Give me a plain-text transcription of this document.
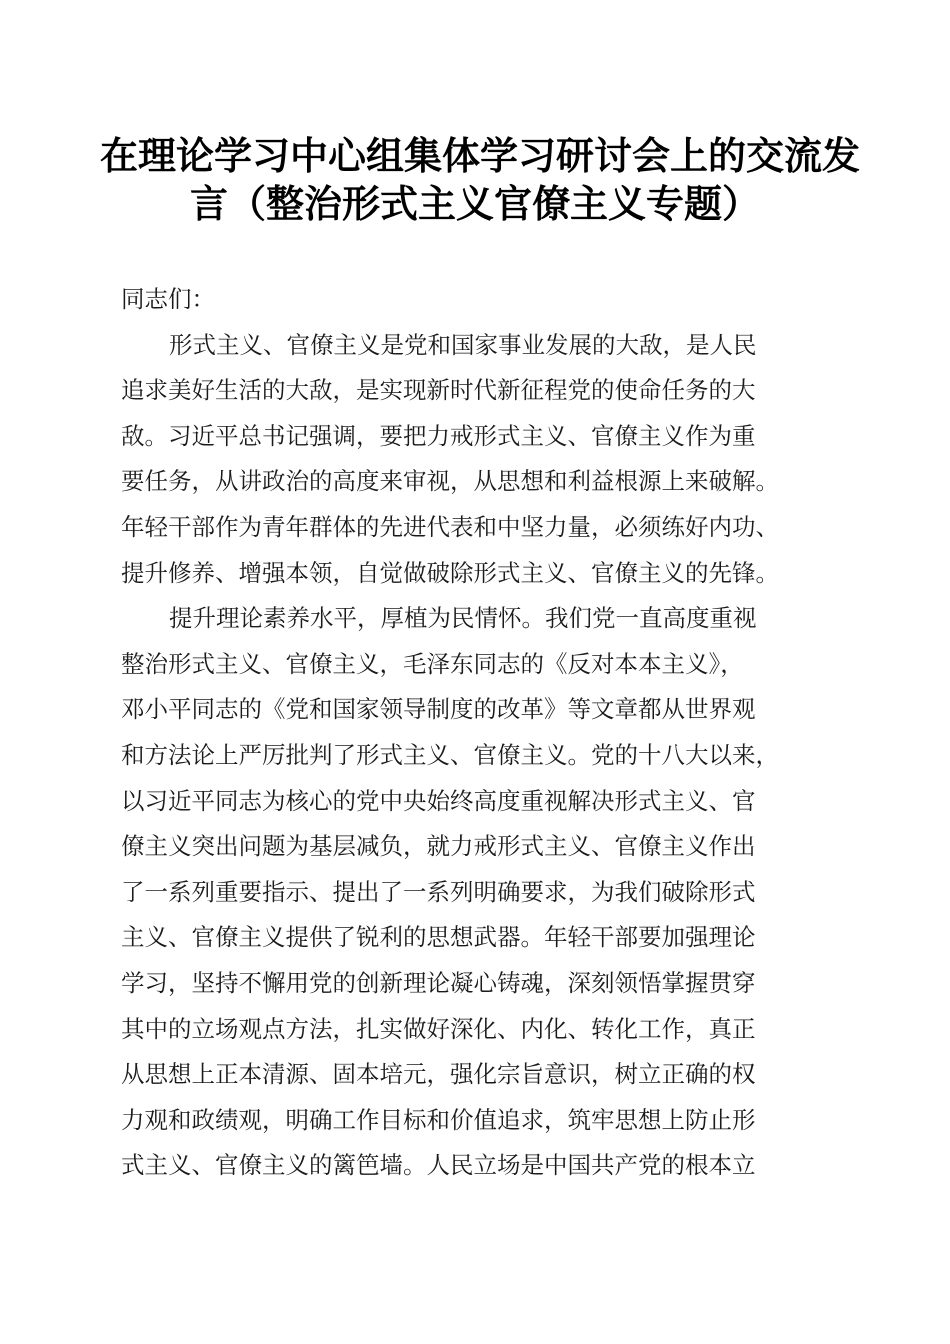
在理论学习中心组集体学习研讨会上的交流发
言（整治形式主义官僚主义专题）
同志们：
形式主义、官僚主义是党和国家事业发展的大敌，是人民
追求美好生活的大敌，是实现新时代新征程党的使命任务的大
敌。习近平总书记强调，要把力戒形式主义、官僚主义作为重
要任务，从讲政治的高度来审视，从思想和利益根源上来破解。
年轻干部作为青年群体的先进代表和中坚力量，必须练好内功、
提升修养、增强本领，自觉做破除形式主义、官僚主义的先锋。
提升理论素养水平，厚植为民情怀。我们党一直高度重视
整治形式主义、官僚主义，毛泽东同志的《反对本本主义》，
邓小平同志的《党和国家领导制度的改革》等文章都从世界观
和方法论上严厉批判了形式主义、官僚主义。党的十八大以来，
以习近平同志为核心的党中央始终高度重视解决形式主义、官
僚主义突出问题为基层减负，就力戒形式主义、官僚主义作出
了一系列重要指示、提出了一系列明确要求，为我们破除形式
主义、官僚主义提供了锐利的思想武器。年轻干部要加强理论
学习，坚持不懈用党的创新理论凝心铸魂，深刻领悟掌握贯穿
其中的立场观点方法，扎实做好深化、内化、转化工作，真正
从思想上正本清源、固本培元，强化宗旨意识，树立正确的权
力观和政绩观，明确工作目标和价值追求，筑牢思想上防止形
式主义、官僚主义的篱笆墙。人民立场是中国共产党的根本立
